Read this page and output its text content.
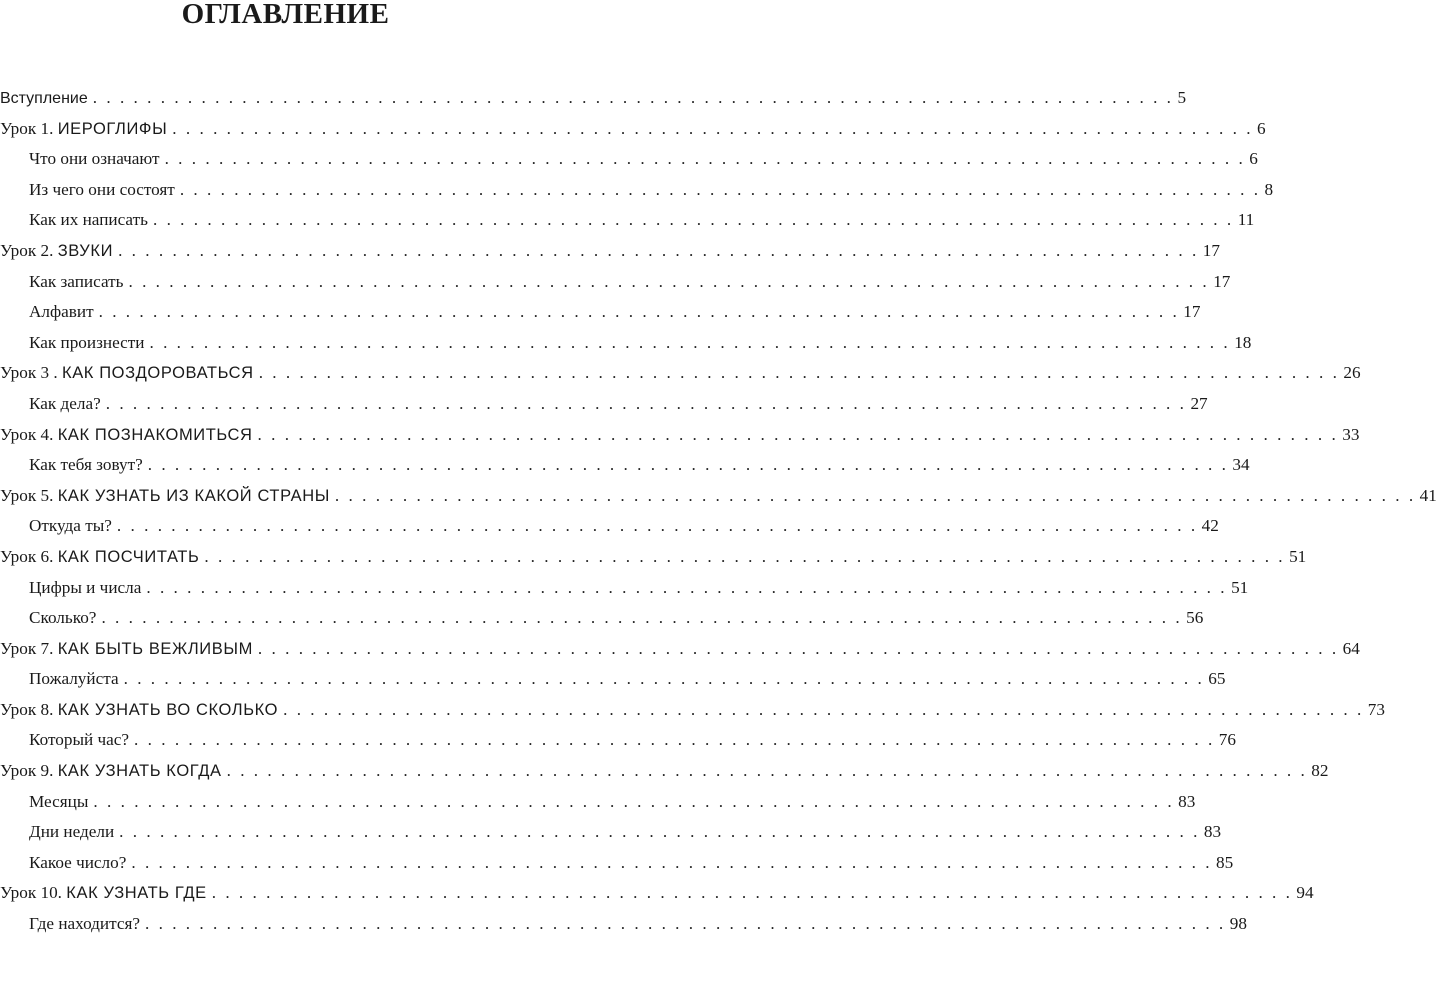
ОГЛАВЛЕНИЕ
Вступление . . . . . . . . . . . . . . . . . . . . . . . . . . . . . . . . . . . . . . . . . . . . . . . . . . . . . . . . . . . . . . . . . . . . . . . . . . . . . . . . 5
Урок 1. ИЕРОГЛИФЫ . . . . . . . . . . . . . . . . . . . . . . . . . . . . . . . . . . . . . . . . . . . . . . . . . . . . . . . . . . . . . . . . . . . . . . . . . . . . . . . . 6
Что они означают . . . . . . . . . . . . . . . . . . . . . . . . . . . . . . . . . . . . . . . . . . . . . . . . . . . . . . . . . . . . . . . . . . . . . . . . . . . . . . . . 6
Из чего они состоят . . . . . . . . . . . . . . . . . . . . . . . . . . . . . . . . . . . . . . . . . . . . . . . . . . . . . . . . . . . . . . . . . . . . . . . . . . . . . . . . 8
Как их написать . . . . . . . . . . . . . . . . . . . . . . . . . . . . . . . . . . . . . . . . . . . . . . . . . . . . . . . . . . . . . . . . . . . . . . . . . . . . . . . . 11
Урок 2. ЗВУКИ . . . . . . . . . . . . . . . . . . . . . . . . . . . . . . . . . . . . . . . . . . . . . . . . . . . . . . . . . . . . . . . . . . . . . . . . . . . . . . . . 17
Как записать . . . . . . . . . . . . . . . . . . . . . . . . . . . . . . . . . . . . . . . . . . . . . . . . . . . . . . . . . . . . . . . . . . . . . . . . . . . . . . . . 17
Алфавит . . . . . . . . . . . . . . . . . . . . . . . . . . . . . . . . . . . . . . . . . . . . . . . . . . . . . . . . . . . . . . . . . . . . . . . . . . . . . . . . 17
Как произнести . . . . . . . . . . . . . . . . . . . . . . . . . . . . . . . . . . . . . . . . . . . . . . . . . . . . . . . . . . . . . . . . . . . . . . . . . . . . . . . . 18
Урок 3 . КАК ПОЗДОРОВАТЬСЯ . . . . . . . . . . . . . . . . . . . . . . . . . . . . . . . . . . . . . . . . . . . . . . . . . . . . . . . . . . . . . . . . . . . . . . . . . . . . . . . . 26
Как дела? . . . . . . . . . . . . . . . . . . . . . . . . . . . . . . . . . . . . . . . . . . . . . . . . . . . . . . . . . . . . . . . . . . . . . . . . . . . . . . . . 27
Урок 4. КАК ПОЗНАКОМИТЬСЯ . . . . . . . . . . . . . . . . . . . . . . . . . . . . . . . . . . . . . . . . . . . . . . . . . . . . . . . . . . . . . . . . . . . . . . . . . . . . . . . . 33
Как тебя зовут? . . . . . . . . . . . . . . . . . . . . . . . . . . . . . . . . . . . . . . . . . . . . . . . . . . . . . . . . . . . . . . . . . . . . . . . . . . . . . . . . 34
Урок 5. КАК УЗНАТЬ ИЗ КАКОЙ СТРАНЫ . . . . . . . . . . . . . . . . . . . . . . . . . . . . . . . . . . . . . . . . . . . . . . . . . . . . . . . . . . . . . . . . . . . . . . . . . . . . . . . . 41
Откуда ты? . . . . . . . . . . . . . . . . . . . . . . . . . . . . . . . . . . . . . . . . . . . . . . . . . . . . . . . . . . . . . . . . . . . . . . . . . . . . . . . . 42
Урок 6. КАК ПОСЧИТАТЬ . . . . . . . . . . . . . . . . . . . . . . . . . . . . . . . . . . . . . . . . . . . . . . . . . . . . . . . . . . . . . . . . . . . . . . . . . . . . . . . . 51
Цифры и числа . . . . . . . . . . . . . . . . . . . . . . . . . . . . . . . . . . . . . . . . . . . . . . . . . . . . . . . . . . . . . . . . . . . . . . . . . . . . . . . . 51
Сколько? . . . . . . . . . . . . . . . . . . . . . . . . . . . . . . . . . . . . . . . . . . . . . . . . . . . . . . . . . . . . . . . . . . . . . . . . . . . . . . . . 56
Урок 7. КАК БЫТЬ ВЕЖЛИВЫМ . . . . . . . . . . . . . . . . . . . . . . . . . . . . . . . . . . . . . . . . . . . . . . . . . . . . . . . . . . . . . . . . . . . . . . . . . . . . . . . . 64
Пожалуйста . . . . . . . . . . . . . . . . . . . . . . . . . . . . . . . . . . . . . . . . . . . . . . . . . . . . . . . . . . . . . . . . . . . . . . . . . . . . . . . . 65
Урок 8. КАК УЗНАТЬ ВО СКОЛЬКО . . . . . . . . . . . . . . . . . . . . . . . . . . . . . . . . . . . . . . . . . . . . . . . . . . . . . . . . . . . . . . . . . . . . . . . . . . . . . . . . 73
Который час? . . . . . . . . . . . . . . . . . . . . . . . . . . . . . . . . . . . . . . . . . . . . . . . . . . . . . . . . . . . . . . . . . . . . . . . . . . . . . . . . 76
Урок 9. КАК УЗНАТЬ КОГДА . . . . . . . . . . . . . . . . . . . . . . . . . . . . . . . . . . . . . . . . . . . . . . . . . . . . . . . . . . . . . . . . . . . . . . . . . . . . . . . . 82
Месяцы . . . . . . . . . . . . . . . . . . . . . . . . . . . . . . . . . . . . . . . . . . . . . . . . . . . . . . . . . . . . . . . . . . . . . . . . . . . . . . . . 83
Дни недели . . . . . . . . . . . . . . . . . . . . . . . . . . . . . . . . . . . . . . . . . . . . . . . . . . . . . . . . . . . . . . . . . . . . . . . . . . . . . . . . 83
Какое число? . . . . . . . . . . . . . . . . . . . . . . . . . . . . . . . . . . . . . . . . . . . . . . . . . . . . . . . . . . . . . . . . . . . . . . . . . . . . . . . . 85
Урок 10. КАК УЗНАТЬ ГДЕ . . . . . . . . . . . . . . . . . . . . . . . . . . . . . . . . . . . . . . . . . . . . . . . . . . . . . . . . . . . . . . . . . . . . . . . . . . . . . . . . 94
Где находится? . . . . . . . . . . . . . . . . . . . . . . . . . . . . . . . . . . . . . . . . . . . . . . . . . . . . . . . . . . . . . . . . . . . . . . . . . . . . . . . . 98
